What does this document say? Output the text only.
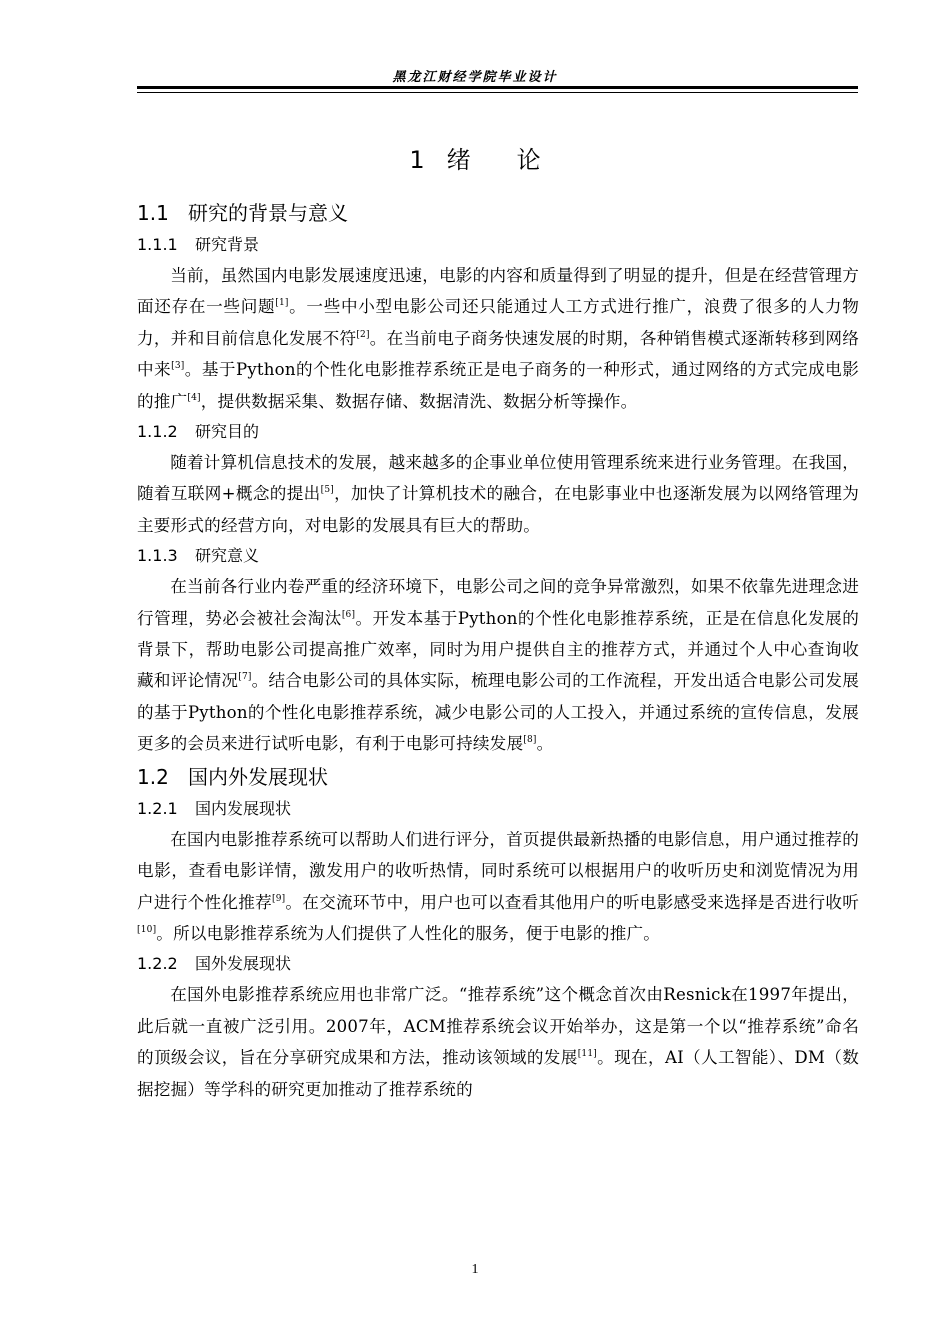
黑龙江财经学院毕业设计
1 绪 论
1.1 研究的背景与意义
1.1.1 研究背景
当前，虽然国内电影发展速度迅速，电影的内容和质量得到了明显的提升，但是在经营管理方面还存在一些问题[1]。一些中小型电影公司还只能通过人工方式进行推广，浪费了很多的人力物力，并和目前信息化发展不符[2]。在当前电子商务快速发展的时期，各种销售模式逐渐转移到网络中来[3]。基于Python的个性化电影推荐系统正是电子商务的一种形式，通过网络的方式完成电影的推广[4]，提供数据采集、数据存储、数据清洗、数据分析等操作。
1.1.2 研究目的
随着计算机信息技术的发展，越来越多的企事业单位使用管理系统来进行业务管理。在我国，随着互联网+概念的提出[5]，加快了计算机技术的融合，在电影事业中也逐渐发展为以网络管理为主要形式的经营方向，对电影的发展具有巨大的帮助。
1.1.3 研究意义
在当前各行业内卷严重的经济环境下，电影公司之间的竞争异常激烈，如果不依靠先进理念进行管理，势必会被社会淘汰[6]。开发本基于Python的个性化电影推荐系统，正是在信息化发展的背景下，帮助电影公司提高推广效率，同时为用户提供自主的推荐方式，并通过个人中心查询收藏和评论情况[7]。结合电影公司的具体实际，梳理电影公司的工作流程，开发出适合电影公司发展的基于Python的个性化电影推荐系统，减少电影公司的人工投入，并通过系统的宣传信息，发展更多的会员来进行试听电影，有利于电影可持续发展[8]。
1.2 国内外发展现状
1.2.1 国内发展现状
在国内电影推荐系统可以帮助人们进行评分，首页提供最新热播的电影信息，用户通过推荐的电影，查看电影详情，激发用户的收听热情，同时系统可以根据用户的收听历史和浏览情况为用户进行个性化推荐[9]。在交流环节中，用户也可以查看其他用户的听电影感受来选择是否进行收听[10]。所以电影推荐系统为人们提供了人性化的服务，便于电影的推广。
1.2.2 国外发展现状
在国外电影推荐系统应用也非常广泛。“推荐系统”这个概念首次由Resnick在1997年提出，此后就一直被广泛引用。2007年，ACM推荐系统会议开始举办，这是第一个以“推荐系统”命名的顶级会议，旨在分享研究成果和方法，推动该领域的发展[11]。现在，AI（人工智能）、DM（数据挖掘）等学科的研究更加推动了推荐系统的
1
